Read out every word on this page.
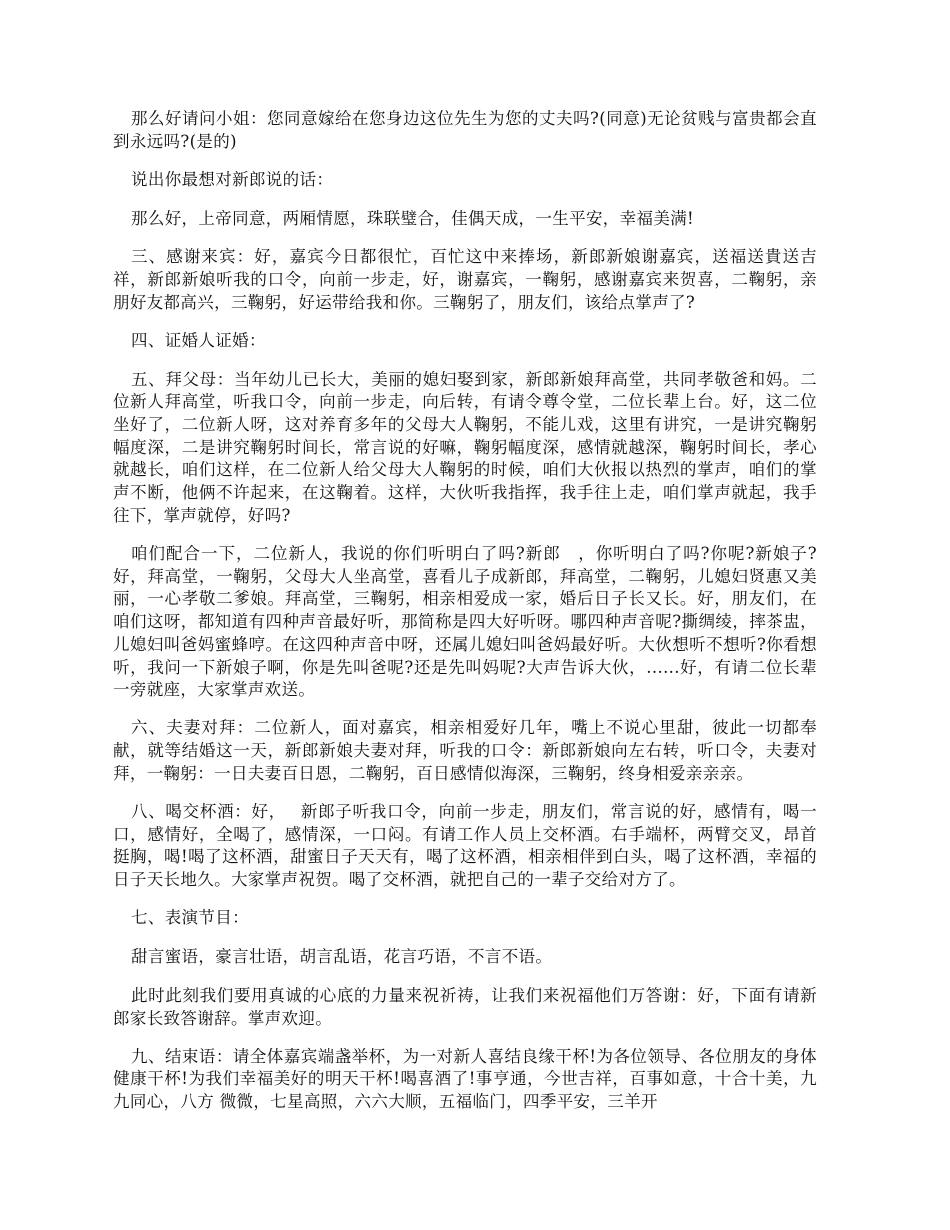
那么好请问小姐：您同意嫁给在您身边这位先生为您的丈夫吗?(同意)无论贫贱与富贵都会直到永远吗?(是的)

说出你最想对新郎说的话：

那么好，上帝同意，两厢情愿，珠联璧合，佳偶天成，一生平安，幸福美满!

三、感谢来宾：好，嘉宾今日都很忙，百忙这中来捧场，新郎新娘谢嘉宾，送福送貴送吉祥，新郎新娘听我的口令，向前一步走，好，谢嘉宾，一鞠躬，感谢嘉宾来贺喜，二鞠躬，亲朋好友都高兴，三鞠躬，好运带给我和你。三鞠躬了，朋友们，该给点掌声了?

四、证婚人证婚：

五、拜父母：当年幼儿已长大，美丽的媳妇娶到家，新郎新娘拜高堂，共同孝敬爸和妈。二位新人拜高堂，听我口令，向前一步走，向后转，有请令尊令堂，二位长辈上台。好，这二位坐好了，二位新人呀，这对养育多年的父母大人鞠躬，不能儿戏，这里有讲究，一是讲究鞠躬幅度深，二是讲究鞠躬时间长，常言说的好嘛，鞠躬幅度深，感情就越深，鞠躬时间长，孝心就越长，咱们这样，在二位新人给父母大人鞠躬的时候，咱们大伙报以热烈的掌声，咱们的掌声不断，他俩不许起来，在这鞠着。这样，大伙听我指挥，我手往上走，咱们掌声就起，我手往下，掌声就停，好吗?

咱们配合一下，二位新人，我说的你们听明白了吗?新郎　，你听明白了吗?你呢?新娘子?好，拜高堂，一鞠躬，父母大人坐高堂，喜看儿子成新郎，拜高堂，二鞠躬，儿媳妇贤惠又美丽，一心孝敬二爹娘。拜高堂，三鞠躬，相亲相爱成一家，婚后日子长又长。好，朋友们，在咱们这呀，都知道有四种声音最好听，那简称是四大好听呀。哪四种声音呢?撕绸绫，摔茶盅，儿媳妇叫爸妈蜜蜂哼。在这四种声音中呀，还属儿媳妇叫爸妈最好听。大伙想听不想听?你看想听，我问一下新娘子啊，你是先叫爸呢?还是先叫妈呢?大声告诉大伙，......好，有请二位长辈一旁就座，大家掌声欢送。

六、夫妻对拜：二位新人，面对嘉宾，相亲相爱好几年，嘴上不说心里甜，彼此一切都奉献，就等结婚这一天，新郎新娘夫妻对拜，听我的口令：新郎新娘向左右转，听口令，夫妻对拜，一鞠躬：一日夫妻百日恩，二鞠躬，百日感情似海深，三鞠躬，终身相爱亲亲亲。

八、喝交杯酒：好，　 新郎子听我口令，向前一步走，朋友们，常言说的好，感情有，喝一口，感情好，全喝了，感情深，一口闷。有请工作人员上交杯酒。右手端杯，两臂交叉，昂首挺胸，喝!喝了这杯酒，甜蜜日子天天有，喝了这杯酒，相亲相伴到白头，喝了这杯酒，幸福的日子天长地久。大家掌声祝贺。喝了交杯酒，就把自己的一辈子交给对方了。

七、表演节目：

甜言蜜语，豪言壮语，胡言乱语，花言巧语，不言不语。

此时此刻我们要用真诚的心底的力量来祝祈祷，让我们来祝福他们万答谢：好，下面有请新郎家长致答谢辞。掌声欢迎。

九、结束语：请全体嘉宾端盏举杯，为一对新人喜结良缘干杯!为各位领导、各位朋友的身体健康干杯!为我们幸福美好的明天干杯!喝喜酒了!事亨通，今世吉祥，百事如意，十合十美，九九同心，八方 微微，七星高照，六六大顺，五福临门，四季平安，三羊开
